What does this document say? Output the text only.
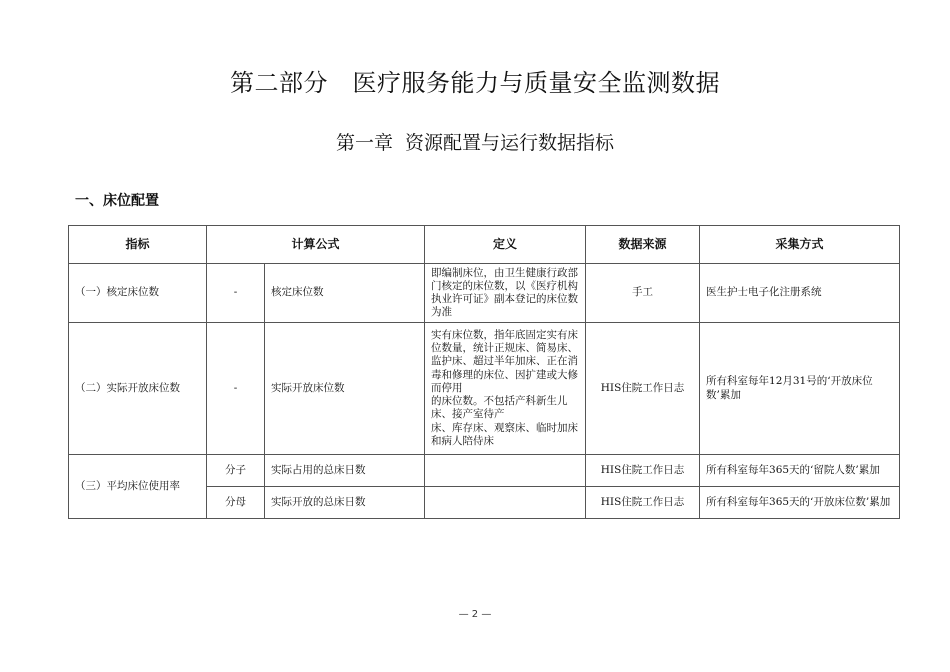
第二部分　医疗服务能力与质量安全监测数据
第一章  资源配置与运行数据指标
一、床位配置
指标	计算公式		定义	数据来源	采集方式
（一）核定床位数	-	核定床位数	即编制床位，由卫生健康行政部门核定的床位数，以《医疗机构执业许可证》副本登记的床位数为准	手工	医生护士电子化注册系统
（二）实际开放床位数	-	实际开放床位数	实有床位数，指年底固定实有床位数量，统计正规床、简易床、监护床、超过半年加床、正在消毒和修理的床位、因扩建或大修而停用
的床位数。不包括产科新生儿床、接产室待产
床、库存床、观察床、临时加床和病人陪侍床	HIS住院工作日志	所有科室每年12月31号的‘开放床位数’累加
（三）平均床位使用率	分子	实际占用的总床日数		HIS住院工作日志	所有科室每年365天的‘留院人数’累加
	分母	实际开放的总床日数		HIS住院工作日志	所有科室每年365天的‘开放床位数’累加
— 2 —
